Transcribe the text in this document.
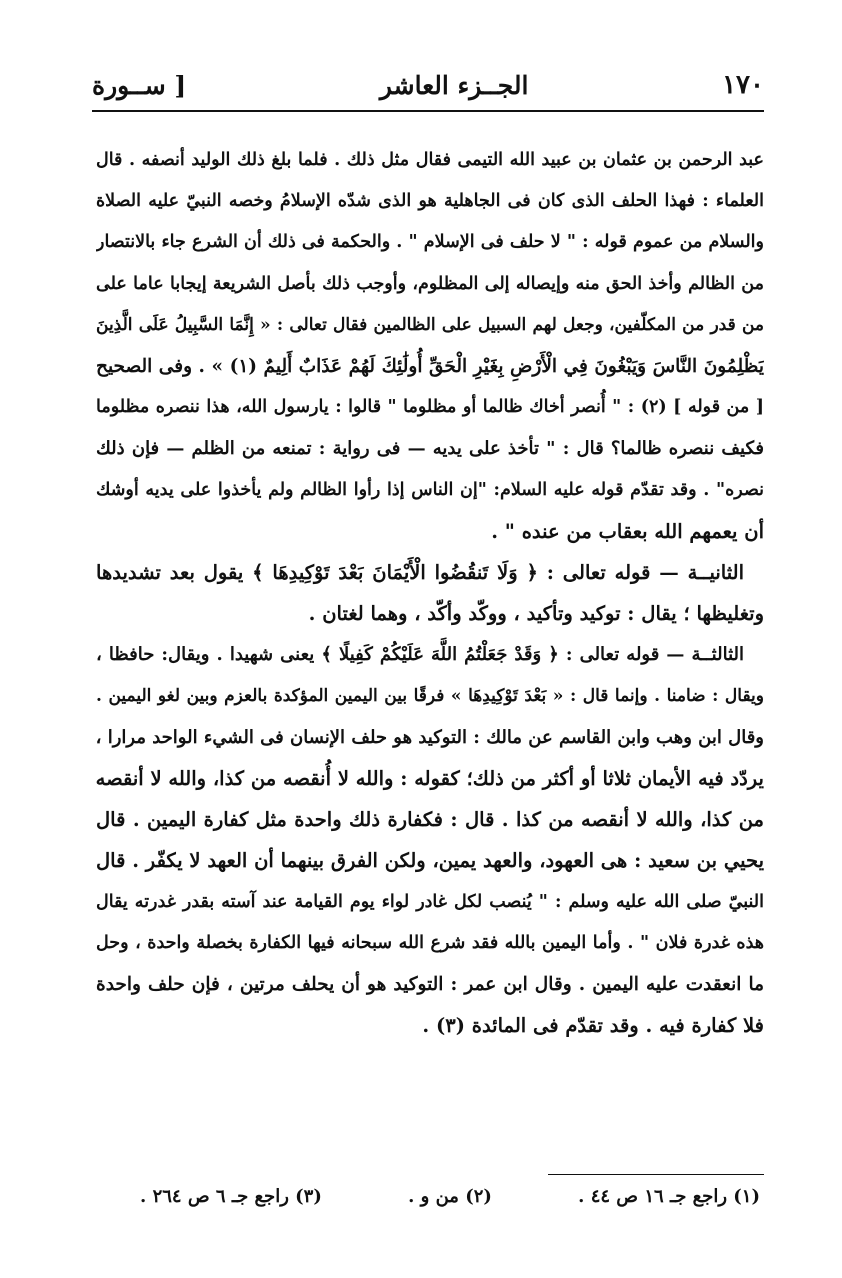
١٧٠
الجــزء العاشر
[ ســورة
عبد الرحمن بن عثمان بن عبيد الله التيمى فقال مثل ذلك . فلما بلغ ذلك الوليد أنصفه . قال
العلماء : فهذا الحلف الذى كان فى الجاهلية هو الذى شدّه الإسلامُ وخصه النبيّ عليه الصلاة
والسلام من عموم قوله : " لا حلف فى الإسلام " . والحكمة فى ذلك أن الشرع جاء بالانتصار
من الظالم وأخذ الحق منه وإيصاله إلى المظلوم، وأوجب ذلك بأصل الشريعة إيجابا عاما على
من قدر من المكلّفين، وجعل لهم السبيل على الظالمين فقال تعالى : « إِنَّمَا السَّبِيلُ عَلَى الَّذِينَ
يَظْلِمُونَ النَّاسَ وَيَبْغُونَ فِي الْأَرْضِ بِغَيْرِ الْحَقِّ أُولَٰئِكَ لَهُمْ عَذَابٌ أَلِيمٌ (١) » . وفى الصحيح
[ من قوله ] (٢) : " أُنصر أخاك ظالما أو مظلوما " قالوا : يارسول الله، هذا ننصره مظلوما
فكيف ننصره ظالما؟ قال : " تأخذ على يديه — فى رواية : تمنعه من الظلم — فإن ذلك
نصره" . وقد تقدّم قوله عليه السلام: "إن الناس إذا رأوا الظالم ولم يأخذوا على يديه أوشك
أن يعمهم الله بعقاب من عنده " .
الثانيــة — قوله تعالى : ﴿ وَلَا تَنقُضُوا الْأَيْمَانَ بَعْدَ تَوْكِيدِهَا ﴾ يقول بعد تشديدها
وتغليظها ؛ يقال : توكيد وتأكيد ، ووكّد وأكّد ، وهما لغتان .
الثالثــة — قوله تعالى : ﴿ وَقَدْ جَعَلْتُمُ اللَّهَ عَلَيْكُمْ كَفِيلًا ﴾ يعنى شهيدا . ويقال: حافظا ،
ويقال : ضامنا . وإنما قال : « بَعْدَ تَوْكِيدِهَا » فرقًا بين اليمين المؤكدة بالعزم وبين لغو اليمين .
وقال ابن وهب وابن القاسم عن مالك : التوكيد هو حلف الإنسان فى الشيء الواحد مرارا ،
يردّد فيه الأيمان ثلاثا أو أكثر من ذلك؛ كقوله : والله لا أُنقصه من كذا، والله لا أنقصه
من كذا، والله لا أنقصه من كذا . قال : فكفارة ذلك واحدة مثل كفارة اليمين . قال
يحيي بن سعيد : هى العهود، والعهد يمين، ولكن الفرق بينهما أن العهد لا يكفّر . قال
النبيّ صلى الله عليه وسلم : " يُنصب لكل غادر لواء يوم القيامة عند آسته بقدر غدرته يقال
هذه غدرة فلان " . وأما اليمين بالله فقد شرع الله سبحانه فيها الكفارة بخصلة واحدة ، وحل
ما انعقدت عليه اليمين . وقال ابن عمر : التوكيد هو أن يحلف مرتين ، فإن حلف واحدة
فلا كفارة فيه . وقد تقدّم فى المائدة (٣) .
(١) راجع جـ ١٦ ص ٤٤ .
(٢) من و .
(٣) راجع جـ ٦ ص ٢٦٤ .
